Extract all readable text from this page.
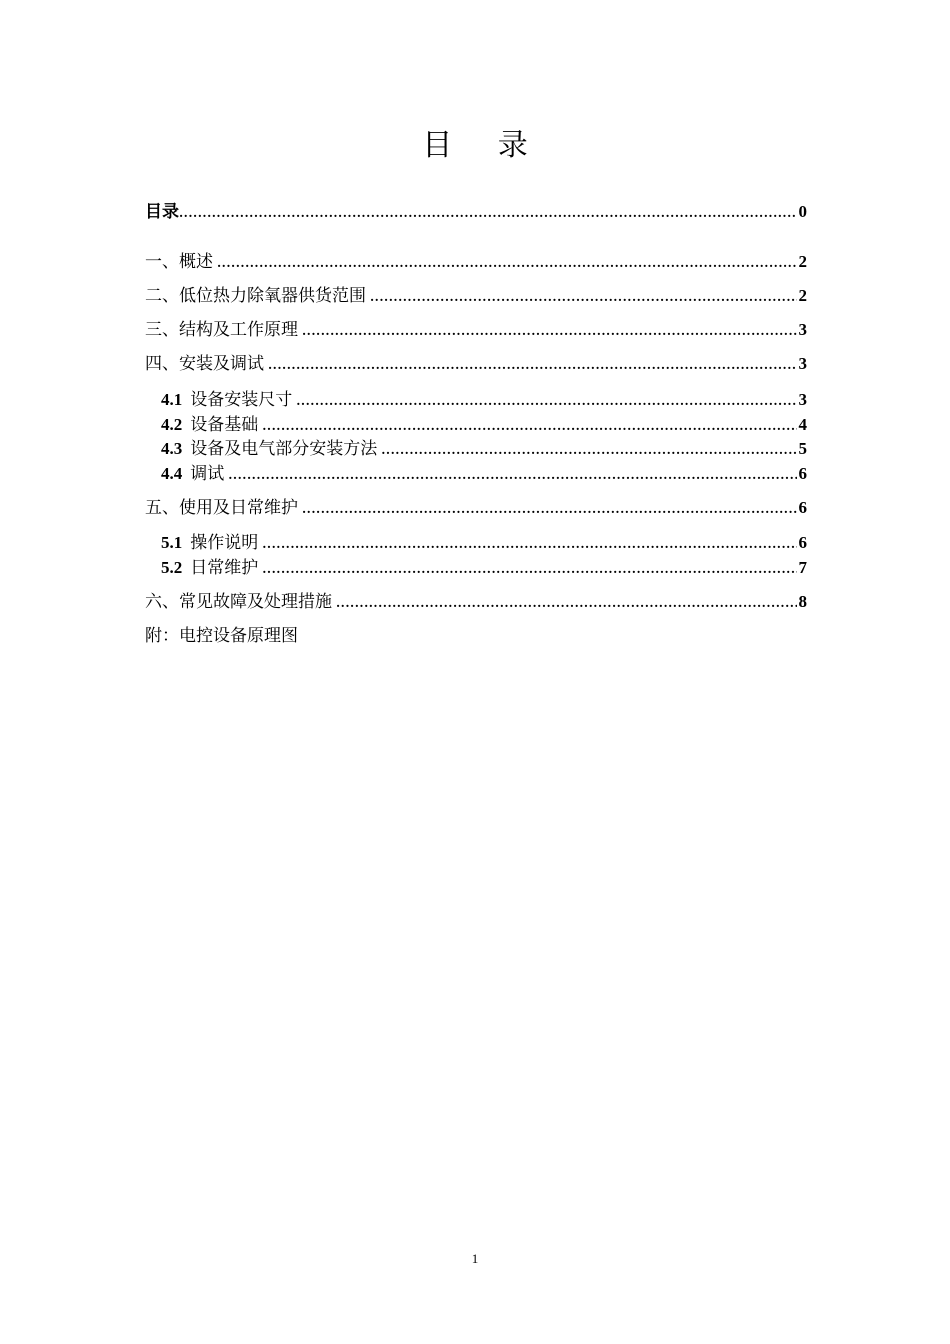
目 录
目录 .....	0
一、概述 .....	2
二、低位热力除氧器供货范围 .....	2
三、结构及工作原理 .....	3
四、安装及调试 .....	3
4.1 设备安装尺寸 .....	3
4.2 设备基础 .....	4
4.3 设备及电气部分安装方法 .....	5
4.4 调试 .....	6
五、使用及日常维护 .....	6
5.1 操作说明 .....	6
5.2 日常维护 .....	7
六、常见故障及处理措施 .....	8
附：电控设备原理图
1
